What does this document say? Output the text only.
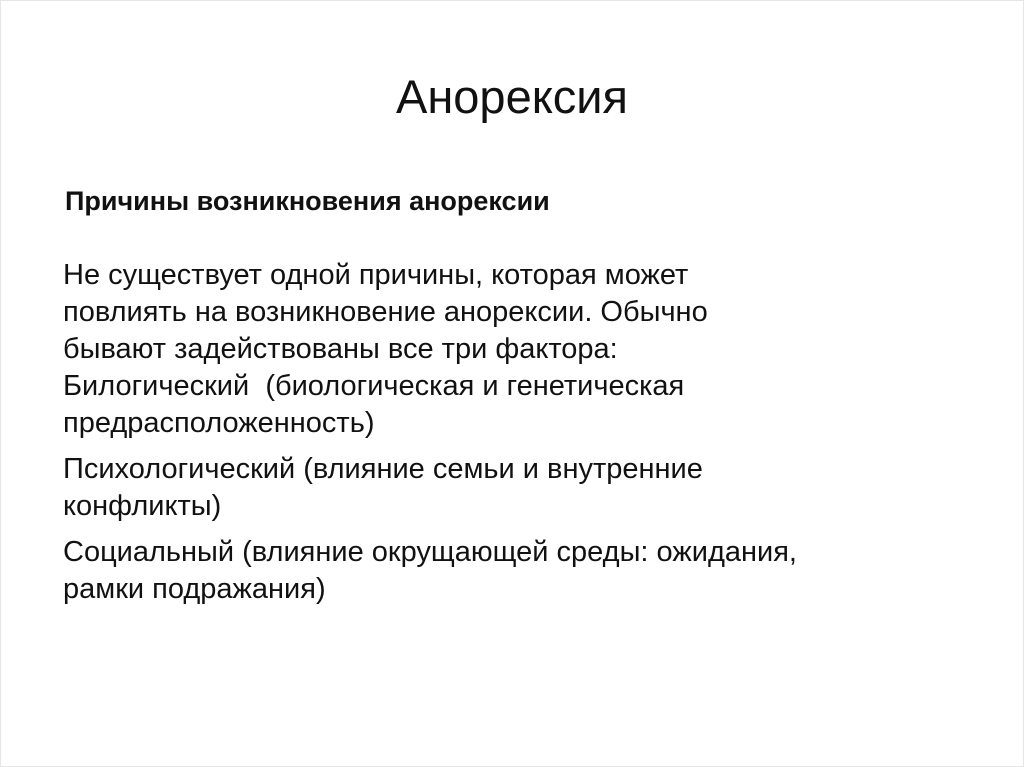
Анорексия
Причины возникновения анорексии

Не существует одной причины, которая может
повлиять на возникновение анорексии. Обычно
бывают задействованы все три фактора:
Билогический  (биологическая и генетическая
предрасположенность)

Психологический (влияние семьи и внутренние
конфликты)

Социальный (влияние окрущающей среды: ожидания,
рамки подражания)
